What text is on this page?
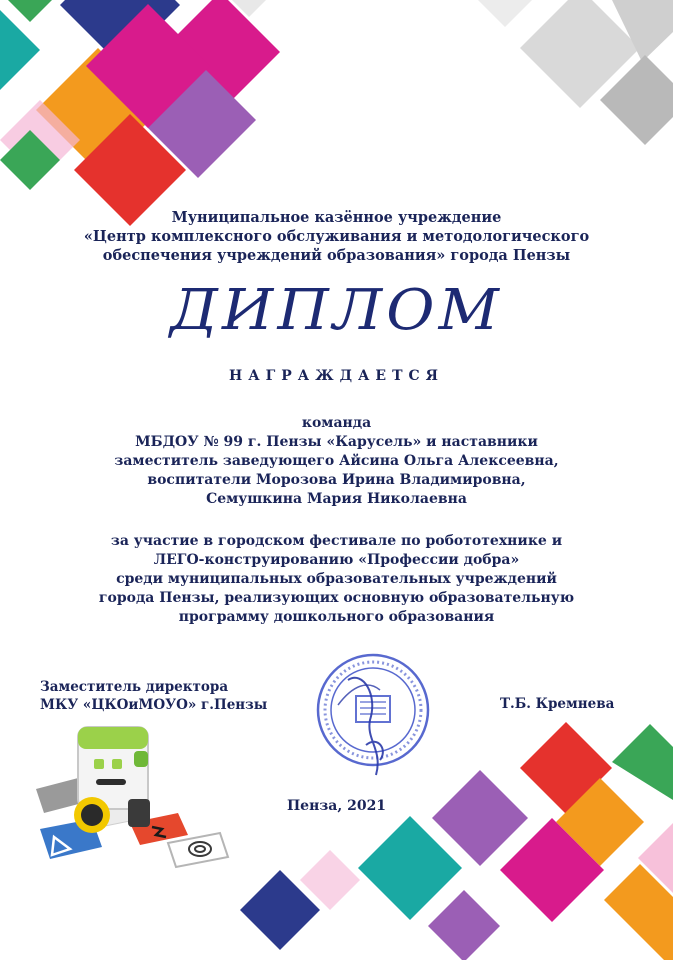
Муниципальное казённое учреждение
«Центр комплексного обслуживания и методологического
обеспечения учреждений образования» города Пензы
ДИПЛОМ
НАГРАЖДАЕТСЯ
команда
МБДОУ № 99 г. Пензы «Карусель» и наставники
заместитель заведующего Айсина Ольга Алексеевна,
воспитатели Морозова Ирина Владимировна,
Семушкина Мария Николаевна
за участие в городском фестивале по робототехнике и
ЛЕГО-конструированию «Профессии добра»
среди муниципальных образовательных учреждений
города Пензы, реализующих основную образовательную
программу дошкольного образования
Заместитель директора
МКУ «ЦКОиМОУО» г.Пензы	Т.Б. Кремнева
Пенза, 2021
